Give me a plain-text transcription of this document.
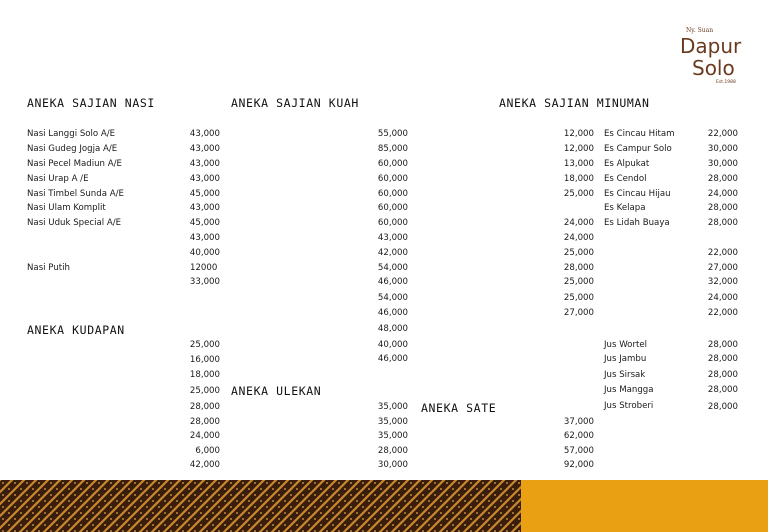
Ny. Suan
Dapur
Solo
Est.1988
ANEKA SAJIAN NASI	ANEKA SAJIAN KUAH	ANEKA SAJIAN MINUMAN
ANEKA KUDAPAN
ANEKA ULEKAN
ANEKA SATE
Nasi Langgi Solo A/E
Nasi Gudeg Jogja A/E
Nasi Pecel Madiun A/E
Nasi Urap A /E
Nasi Timbel Sunda A/E
Nasi Ulam Komplit
Nasi Uduk Special A/E
Nasi Putih
43,000
43,000
43,000
43,000
45,000
43,000
45,000
43,000
40,000
12000
33,000
25,000
16,000
18,000
25,000
28,000
28,000
24,000
6,000
42,000
55,000
85,000
60,000
60,000
60,000
60,000
60,000
43,000
42,000
54,000
46,000
54,000
46,000
48,000
40,000
46,000
35,000
35,000
35,000
28,000
30,000
12,000
12,000
13,000
18,000
25,000
24,000
24,000
25,000
28,000
25,000
25,000
27,000
37,000
62,000
57,000
92,000
Es Cincau Hitam
Es Campur Solo
Es Alpukat
Es Cendol
Es Cincau Hijau
Es Kelapa
Es Lidah Buaya
22,000
30,000
30,000
28,000
24,000
28,000
28,000
22,000
27,000
32,000
24,000
22,000
Jus Wortel
Jus Jambu
Jus Sirsak
Jus Mangga
Jus Stroberi
28,000
28,000
28,000
28,000
28,000
